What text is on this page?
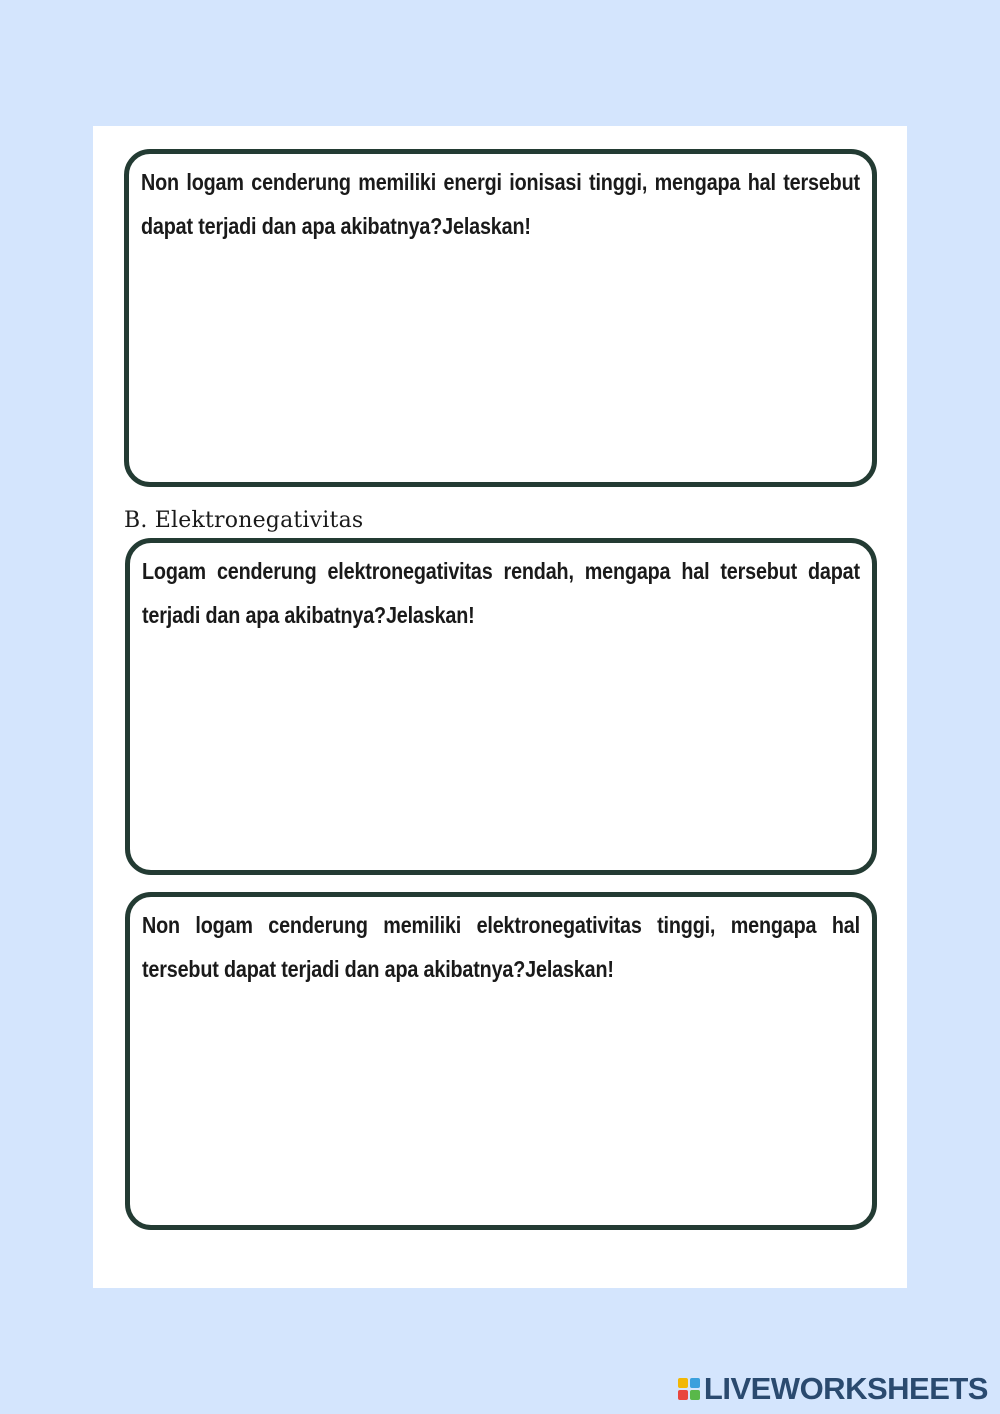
Non logam cenderung memiliki energi ionisasi tinggi, mengapa hal tersebut dapat terjadi dan apa akibatnya?Jelaskan!

B. Elektronegativitas

Logam cenderung elektronegativitas rendah, mengapa hal tersebut dapat terjadi dan apa akibatnya?Jelaskan!

Non logam cenderung memiliki elektronegativitas tinggi, mengapa hal tersebut dapat terjadi dan apa akibatnya?Jelaskan!

LIVEWORKSHEETS
